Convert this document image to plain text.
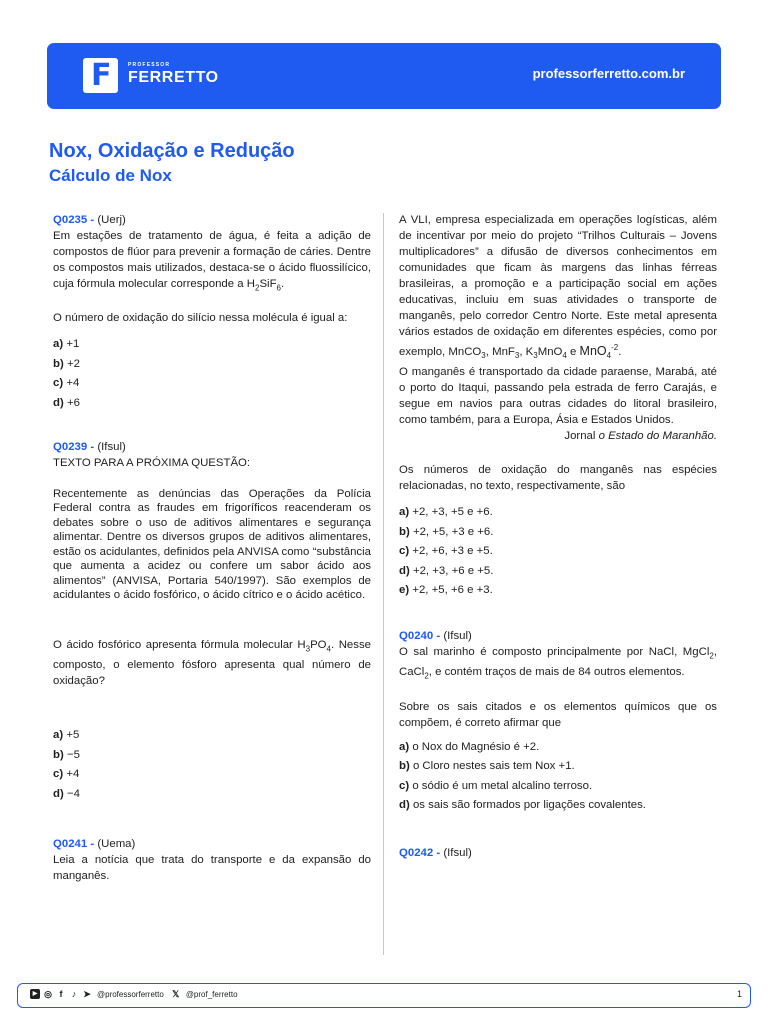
F	PROFESSOR
FERRETTO	professorferretto.com.br
Nox, Oxidação e Redução
Cálculo de Nox
Q0235 - (Uerj)

Em estações de tratamento de água, é feita a adição de compostos de flúor para prevenir a formação de cáries. Dentre os compostos mais utilizados, destaca-se o ácido fluossilícico, cuja fórmula molecular corresponde a $H_2SiF_6$.

O número de oxidação do silício nessa molécula é igual a:

a) +1
b) +2
c) +4
d) +6
Q0239 - (Ifsul)
TEXTO PARA A PRÓXIMA QUESTÃO:

Recentemente as denúncias das Operações da Polícia Federal contra as fraudes em frigoríficos reacenderam os debates sobre o uso de aditivos alimentares e segurança alimentar. Dentre os diversos grupos de aditivos alimentares, estão os acidulantes, definidos pela ANVISA como “substância que aumenta a acidez ou confere um sabor ácido aos alimentos” (ANVISA, Portaria 540/1997). São exemplos de acidulantes o ácido fosfórico, o ácido cítrico e o ácido acético.

O ácido fosfórico apresenta fórmula molecular $H_3PO_4$. Nesse composto, o elemento fósforo apresenta qual número de oxidação?

a) +5
b) −5
c) +4
d) −4
Q0241 - (Uema)

Leia a notícia que trata do transporte e da expansão do manganês.

A VLI, empresa especializada em operações logísticas, além de incentivar por meio do projeto “Trilhos Culturais – Jovens multiplicadores” a difusão de diversos conhecimentos em comunidades que ficam às margens das linhas férreas brasileiras, a promoção e a participação social em ações educativas, incluiu em suas atividades o transporte de manganês, pelo corredor Centro Norte. Este metal apresenta vários estados de oxidação em diferentes espécies, como por exemplo, MnCO$_3$, MnF$_3$, $K_3MnO_4$ e MnO$_4^{-2}$.

O manganês é transportado da cidade paraense, Marabá, até o porto do Itaqui, passando pela estrada de ferro Carajás, e segue em navios para outras cidades do litoral brasileiro, como também, para a Europa, Ásia e Estados Unidos.

Jornal o Estado do Maranhão.

Os números de oxidação do manganês nas espécies relacionadas, no texto, respectivamente, são

a) +2, +3, +5 e +6.
b) +2, +5, +3 e +6.
c) +2, +6, +3 e +5.
d) +2, +3, +6 e +5.
e) +2, +5, +6 e +3.
Q0240 - (Ifsul)

O sal marinho é composto principalmente por NaCl, MgCl$_2$, CaCl$_2$, e contém traços de mais de 84 outros elementos.

Sobre os sais citados e os elementos químicos que os compõem, é correto afirmar que

a) o Nox do Magnésio é +2.
b) o Cloro nestes sais tem Nox +1.
c) o sódio é um metal alcalino terroso.
d) os sais são formados por ligações covalentes.
Q0242 - (Ifsul)
▶ ◎ f	♪ ➤ @professorferretto 𝕏 @prof_ferretto	1
